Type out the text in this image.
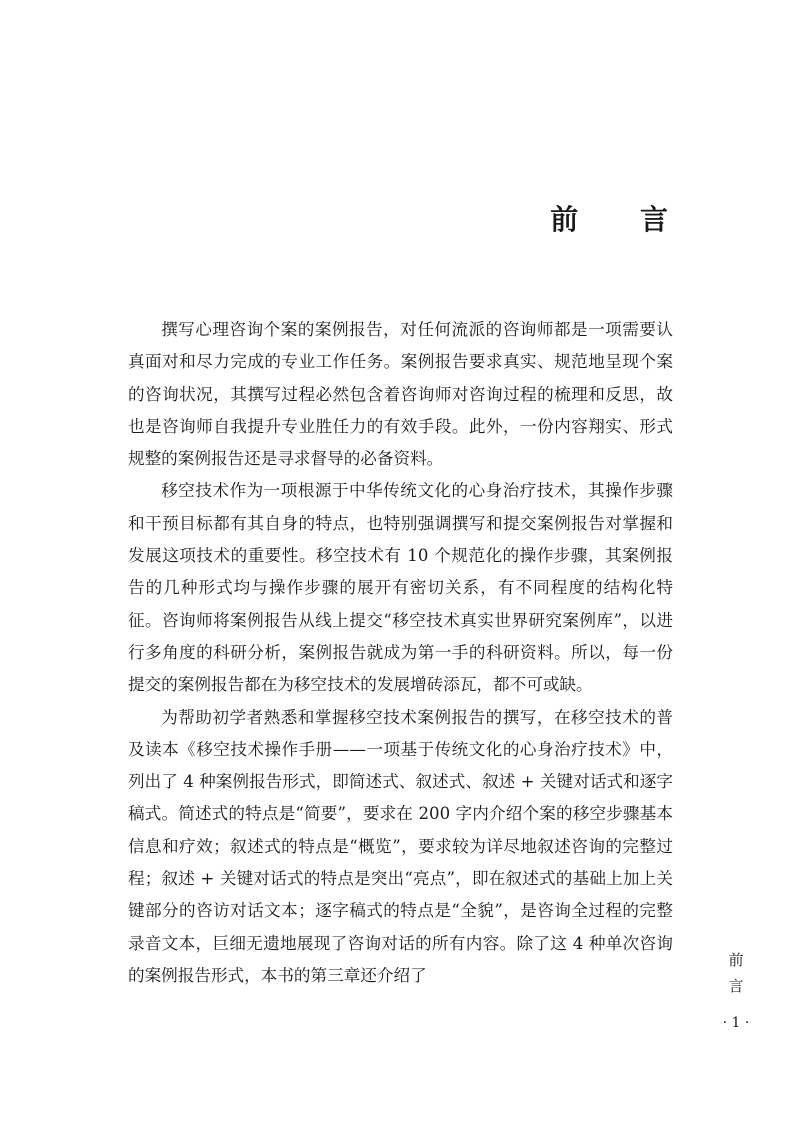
前 言

撰写心理咨询个案的案例报告，对任何流派的咨询师都是一项需要认真面对和尽力完成的专业工作任务。案例报告要求真实、规范地呈现个案的咨询状况，其撰写过程必然包含着咨询师对咨询过程的梳理和反思，故也是咨询师自我提升专业胜任力的有效手段。此外，一份内容翔实、形式规整的案例报告还是寻求督导的必备资料。

移空技术作为一项根源于中华传统文化的心身治疗技术，其操作步骤和干预目标都有其自身的特点，也特别强调撰写和提交案例报告对掌握和发展这项技术的重要性。移空技术有 10 个规范化的操作步骤，其案例报告的几种形式均与操作步骤的展开有密切关系，有不同程度的结构化特征。咨询师将案例报告从线上提交“移空技术真实世界研究案例库”，以进行多角度的科研分析，案例报告就成为第一手的科研资料。所以，每一份提交的案例报告都在为移空技术的发展增砖添瓦，都不可或缺。

为帮助初学者熟悉和掌握移空技术案例报告的撰写，在移空技术的普及读本《移空技术操作手册——一项基于传统文化的心身治疗技术》中，列出了 4 种案例报告形式，即简述式、叙述式、叙述 + 关键对话式和逐字稿式。简述式的特点是“简要”，要求在 200 字内介绍个案的移空步骤基本信息和疗效；叙述式的特点是“概览”，要求较为详尽地叙述咨询的完整过程；叙述 + 关键对话式的特点是突出“亮点”，即在叙述式的基础上加上关键部分的咨访对话文本；逐字稿式的特点是“全貌”，是咨询全过程的完整录音文本，巨细无遗地展现了咨询对话的所有内容。除了这 4 种单次咨询的案例报告形式，本书的第三章还介绍了

前
言
· 1 ·
